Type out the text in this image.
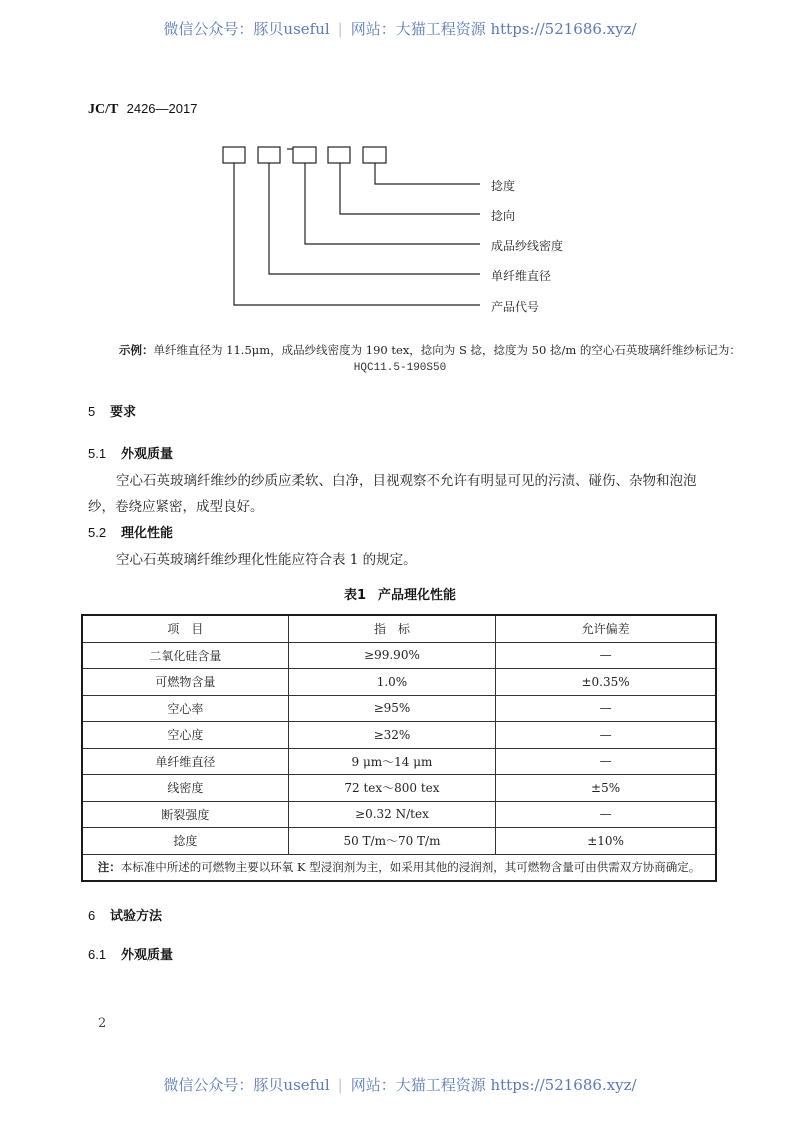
微信公众号：豚贝useful | 网站：大猫工程资源 https://521686.xyz/
JC/T 2426—2017
捻度
捻向
成品纱线密度
单纤维直径
产品代号
示例：单纤维直径为 11.5μm，成品纱线密度为 190 tex，捻向为 S 捻，捻度为 50 捻/m 的空心石英玻璃纤维纱标记为：
HQC11.5-190S50
5 要求
5.1 外观质量
空心石英玻璃纤维纱的纱质应柔软、白净，目视观察不允许有明显可见的污渍、碰伤、杂物和泡泡
纱，卷绕应紧密，成型良好。
5.2 理化性能
空心石英玻璃纤维纱理化性能应符合表 1 的规定。
表1 产品理化性能
项　目	指　标	允许偏差
二氧化硅含量	≥99.90%	—
可燃物含量	1.0%	±0.35%
空心率	≥95%	—
空心度	≥32%	—
单纤维直径	9 μm～14 μm	—
线密度	72 tex～800 tex	±5%
断裂强度	≥0.32 N/tex	—
捻度	50 T/m～70 T/m	±10%
注：本标准中所述的可燃物主要以环氧 K 型浸润剂为主，如采用其他的浸润剂，其可燃物含量可由供需双方协商确定。		
6 试验方法
6.1 外观质量
2
微信公众号：豚贝useful | 网站：大猫工程资源 https://521686.xyz/
